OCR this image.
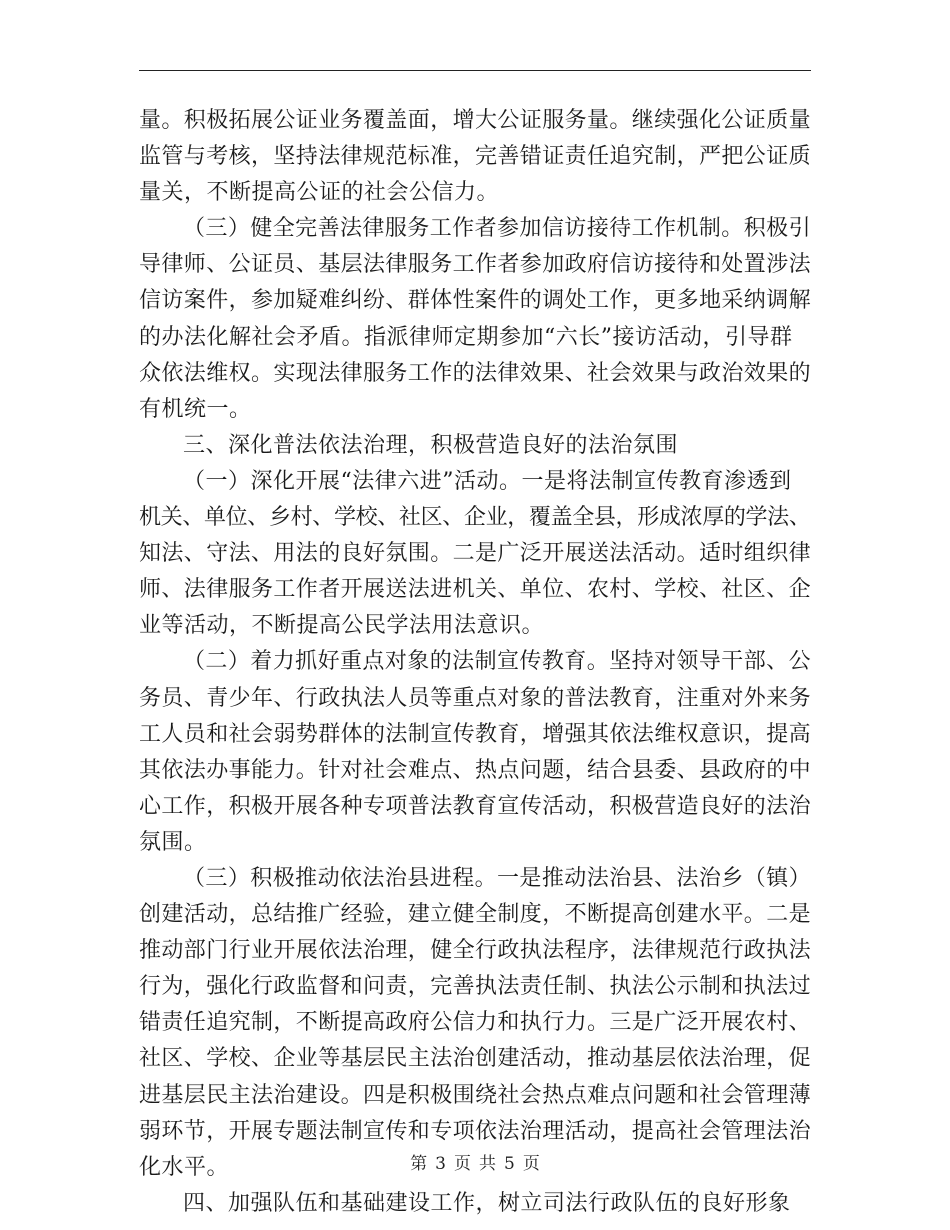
量。积极拓展公证业务覆盖面，增大公证服务量。继续强化公证质量
监管与考核，坚持法律规范标准，完善错证责任追究制，严把公证质
量关，不断提高公证的社会公信力。
（三）健全完善法律服务工作者参加信访接待工作机制。积极引
导律师、公证员、基层法律服务工作者参加政府信访接待和处置涉法
信访案件，参加疑难纠纷、群体性案件的调处工作，更多地采纳调解
的办法化解社会矛盾。指派律师定期参加“六长”接访活动，引导群
众依法维权。实现法律服务工作的法律效果、社会效果与政治效果的
有机统一。
三、深化普法依法治理，积极营造良好的法治氛围
（一）深化开展“法律六进”活动。一是将法制宣传教育渗透到
机关、单位、乡村、学校、社区、企业，覆盖全县，形成浓厚的学法、
知法、守法、用法的良好氛围。二是广泛开展送法活动。适时组织律
师、法律服务工作者开展送法进机关、单位、农村、学校、社区、企
业等活动，不断提高公民学法用法意识。
（二）着力抓好重点对象的法制宣传教育。坚持对领导干部、公
务员、青少年、行政执法人员等重点对象的普法教育，注重对外来务
工人员和社会弱势群体的法制宣传教育，增强其依法维权意识，提高
其依法办事能力。针对社会难点、热点问题，结合县委、县政府的中
心工作，积极开展各种专项普法教育宣传活动，积极营造良好的法治
氛围。
（三）积极推动依法治县进程。一是推动法治县、法治乡（镇）
创建活动，总结推广经验，建立健全制度，不断提高创建水平。二是
推动部门行业开展依法治理，健全行政执法程序，法律规范行政执法
行为，强化行政监督和问责，完善执法责任制、执法公示制和执法过
错责任追究制，不断提高政府公信力和执行力。三是广泛开展农村、
社区、学校、企业等基层民主法治创建活动，推动基层依法治理，促
进基层民主法治建设。四是积极围绕社会热点难点问题和社会管理薄
弱环节，开展专题法制宣传和专项依法治理活动，提高社会管理法治
化水平。
四、加强队伍和基础建设工作，树立司法行政队伍的良好形象
第 3 页 共 5 页
